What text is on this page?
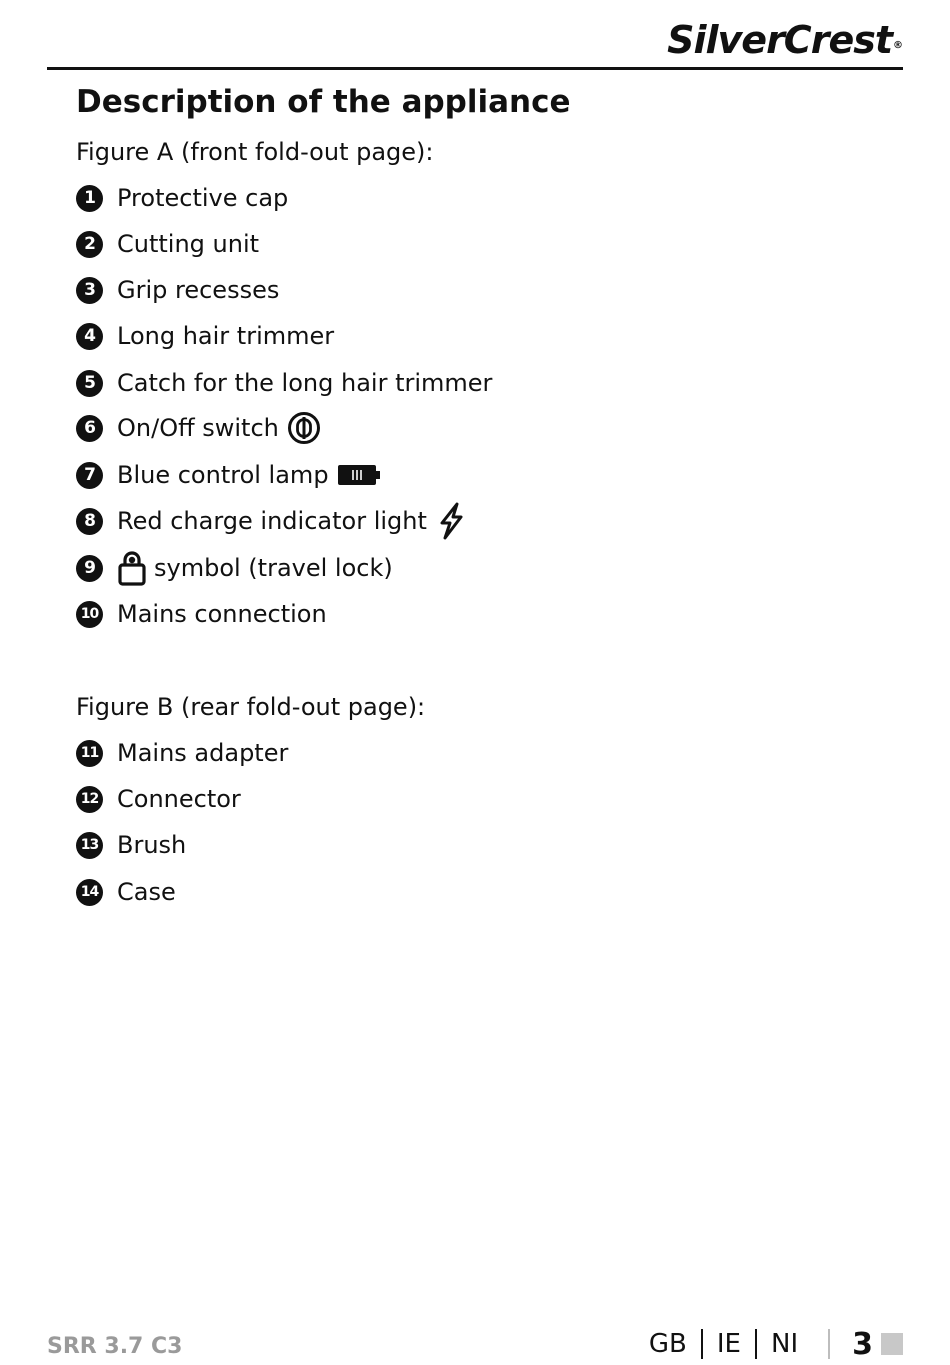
SilverCrest®
Description of the appliance
Figure A (front fold-out page):
1 Protective cap
2 Cutting unit
3 Grip recesses
4 Long hair trimmer
5 Catch for the long hair trimmer
6 On/Off switch
7 Blue control lamp
8 Red charge indicator light
9	symbol (travel lock)
10 Mains connection
Figure B (rear fold-out page):
11 Mains adapter
12 Connector
13 Brush
14 Case
SRR 3.7 C3	GB IE NI 3
